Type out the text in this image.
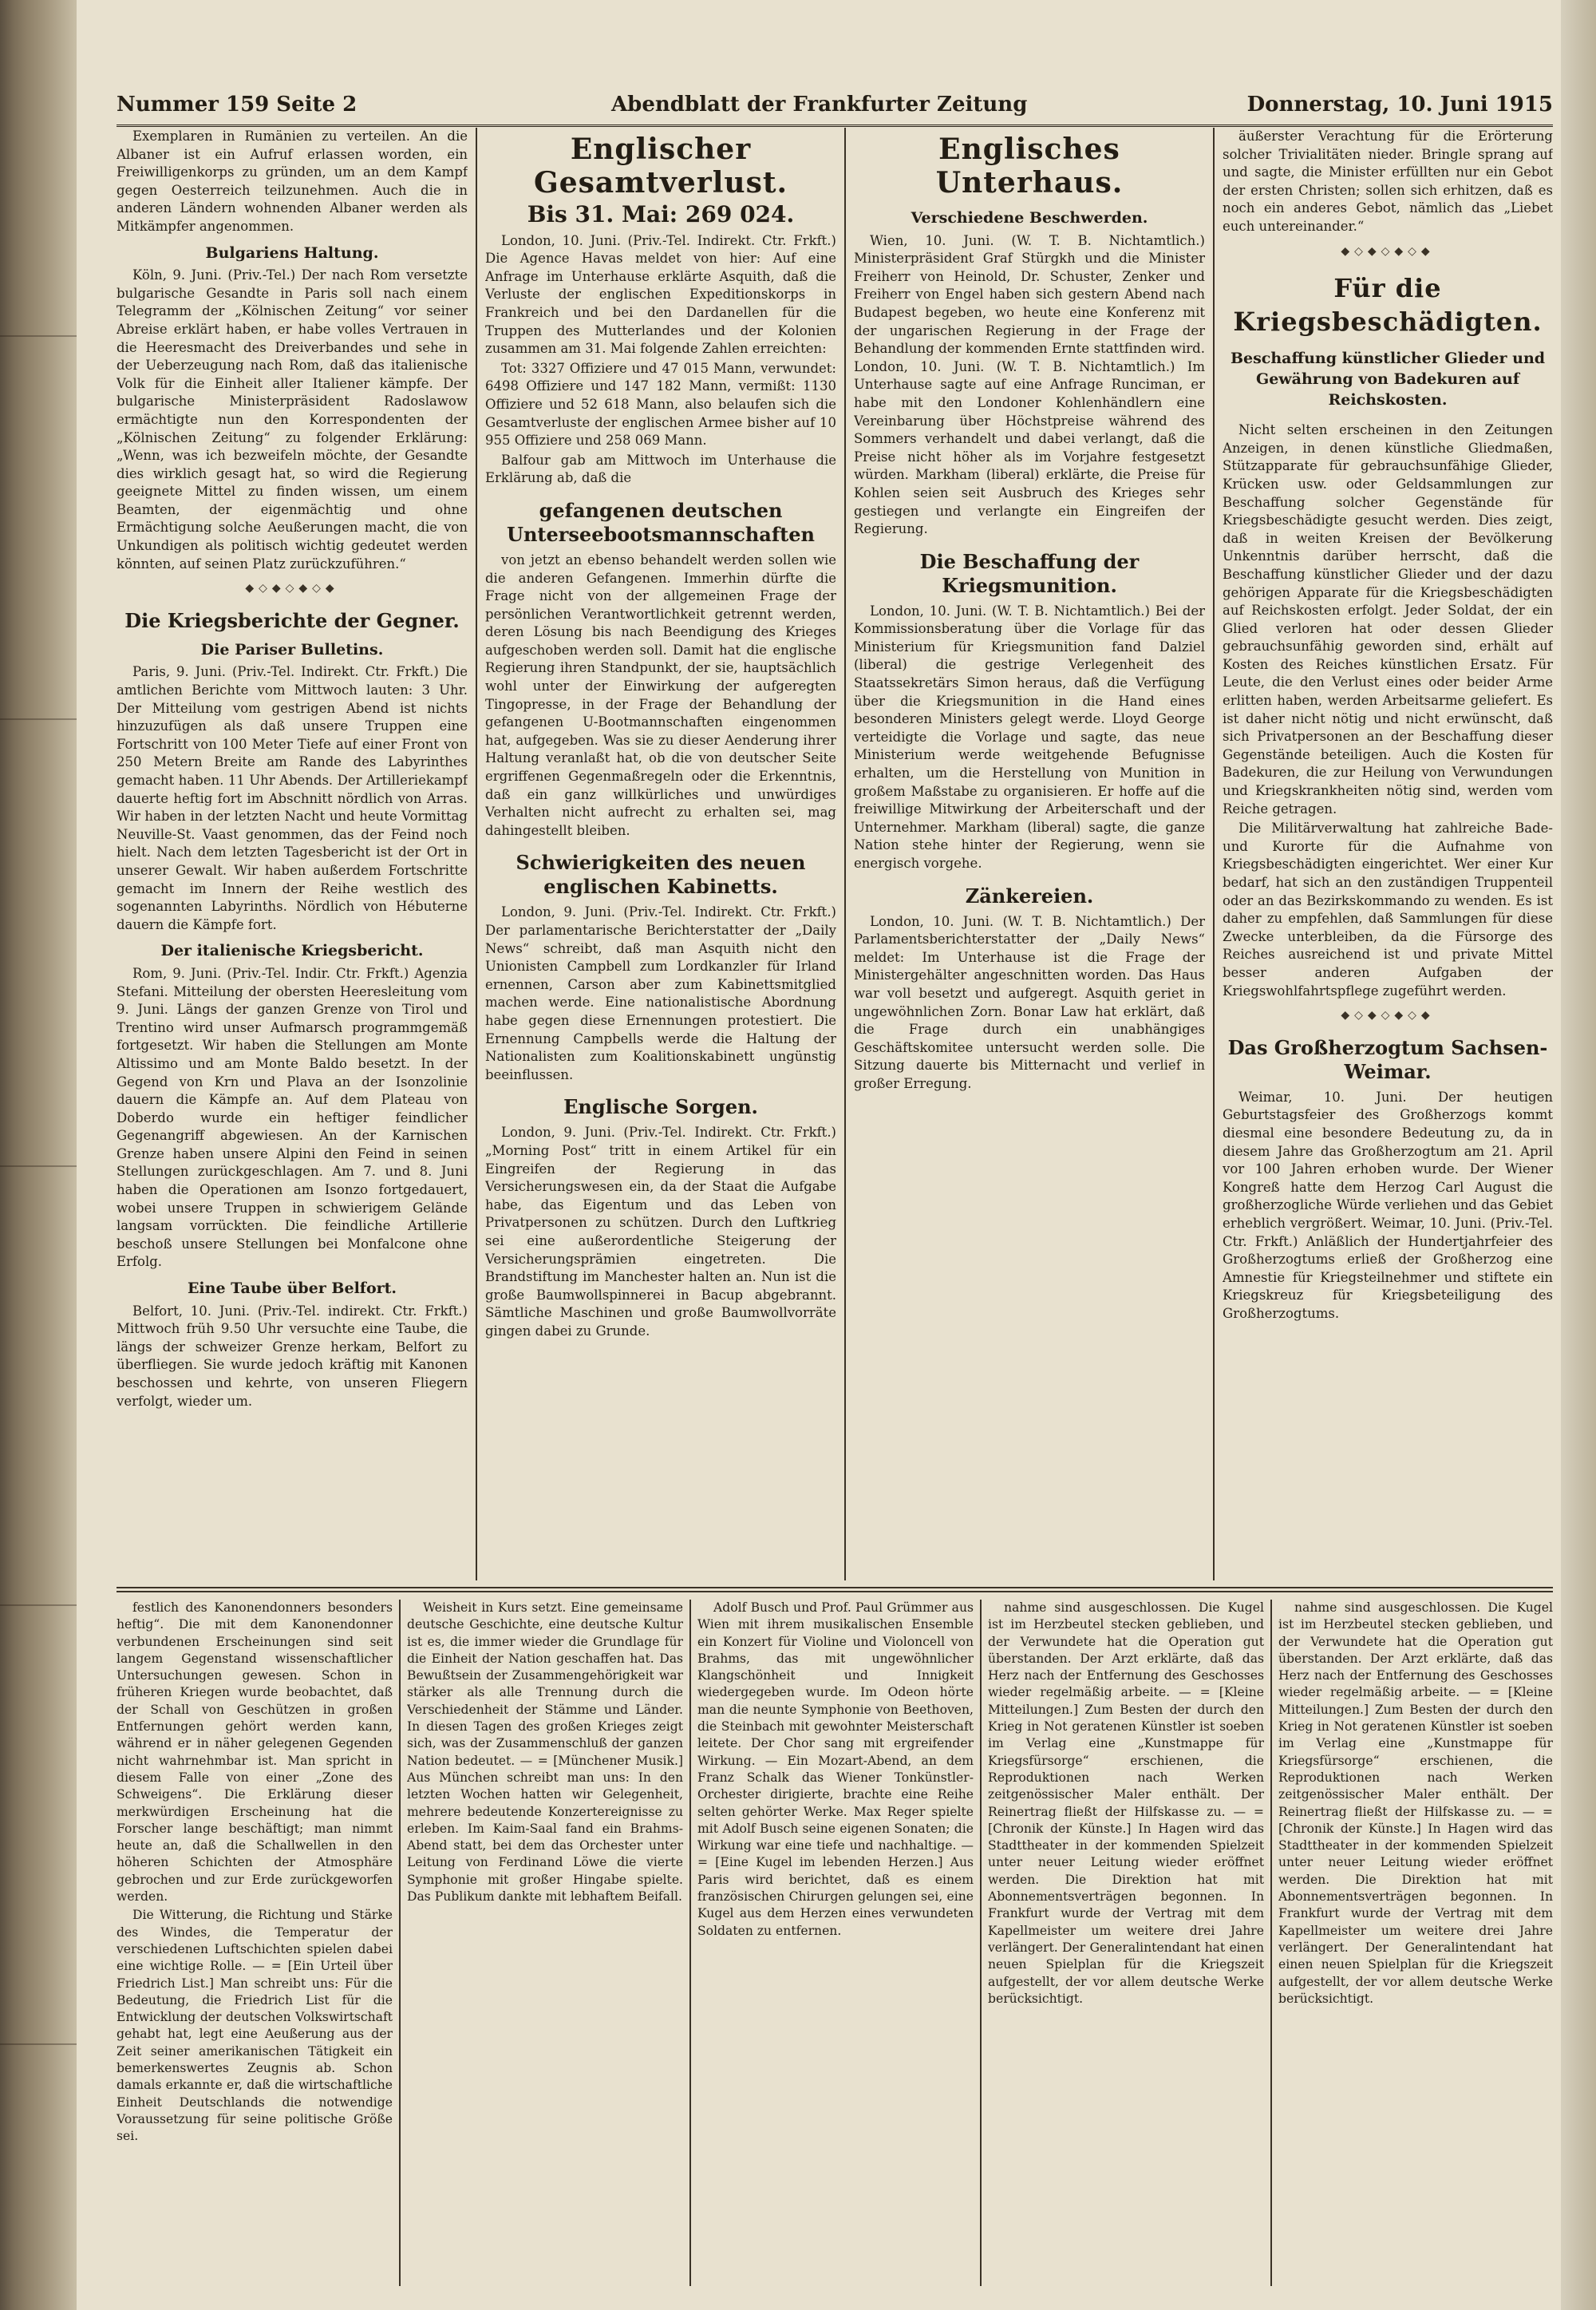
Nummer 159 Seite 2	Abendblatt der Frankfurter Zeitung	Donnerstag, 10. Juni 1915

Exemplaren in Rumänien zu verteilen. An die Albaner ist ein Aufruf erlassen worden, ein Freiwilligenkorps zu gründen, um an dem Kampf gegen Oesterreich teilzunehmen. Auch die in anderen Ländern wohnenden Albaner werden als Mitkämpfer angenommen.

Bulgariens Haltung.

Köln, 9. Juni. (Priv.-Tel.) Der nach Rom versetzte bulgarische Gesandte in Paris soll nach einem Telegramm der „Kölnischen Zeitung“ vor seiner Abreise erklärt haben, er habe volles Vertrauen in die Heeresmacht des Dreiverbandes und sehe in der Ueberzeugung nach Rom, daß das italienische Volk für die Einheit aller Italiener kämpfe. Der bulgarische Ministerpräsident Radoslawow ermächtigte nun den Korrespondenten der „Kölnischen Zeitung“ zu folgender Erklärung: „Wenn, was ich bezweifeln möchte, der Gesandte dies wirklich gesagt hat, so wird die Regierung geeignete Mittel zu finden wissen, um einem Beamten, der eigenmächtig und ohne Ermächtigung solche Aeußerungen macht, die von Unkundigen als politisch wichtig gedeutet werden könnten, auf seinen Platz zurückzuführen.“

◆◇◆◇◆◇◆
Die Kriegsberichte der Gegner.
Die Pariser Bulletins.

Paris, 9. Juni. (Priv.-Tel. Indirekt. Ctr. Frkft.) Die amtlichen Berichte vom Mittwoch lauten: 3 Uhr. Der Mitteilung vom gestrigen Abend ist nichts hinzuzufügen als daß unsere Truppen eine Fortschritt von 100 Meter Tiefe auf einer Front von 250 Metern Breite am Rande des Labyrinthes gemacht haben. 11 Uhr Abends. Der Artilleriekampf dauerte heftig fort im Abschnitt nördlich von Arras. Wir haben in der letzten Nacht und heute Vormittag Neuville-St. Vaast genommen, das der Feind noch hielt. Nach dem letzten Tagesbericht ist der Ort in unserer Gewalt. Wir haben außerdem Fortschritte gemacht im Innern der Reihe westlich des sogenannten Labyrinths. Nördlich von Hébuterne dauern die Kämpfe fort.

Der italienische Kriegsbericht.

Rom, 9. Juni. (Priv.-Tel. Indir. Ctr. Frkft.) Agenzia Stefani. Mitteilung der obersten Heeresleitung vom 9. Juni. Längs der ganzen Grenze von Tirol und Trentino wird unser Aufmarsch programmgemäß fortgesetzt. Wir haben die Stellungen am Monte Altissimo und am Monte Baldo besetzt. In der Gegend von Krn und Plava an der Isonzolinie dauern die Kämpfe an. Auf dem Plateau von Doberdo wurde ein heftiger feindlicher Gegenangriff abgewiesen. An der Karnischen Grenze haben unsere Alpini den Feind in seinen Stellungen zurückgeschlagen. Am 7. und 8. Juni haben die Operationen am Isonzo fortgedauert, wobei unsere Truppen in schwierigem Gelände langsam vorrückten. Die feindliche Artillerie beschoß unsere Stellungen bei Monfalcone ohne Erfolg.

Eine Taube über Belfort.

Belfort, 10. Juni. (Priv.-Tel. indirekt. Ctr. Frkft.) Mittwoch früh 9.50 Uhr versuchte eine Taube, die längs der schweizer Grenze herkam, Belfort zu überfliegen. Sie wurde jedoch kräftig mit Kanonen beschossen und kehrte, von unseren Fliegern verfolgt, wieder um.

Englischer Gesamtverlust.
Bis 31. Mai: 269 024.

London, 10. Juni. (Priv.-Tel. Indirekt. Ctr. Frkft.) Die Agence Havas meldet von hier: Auf eine Anfrage im Unterhause erklärte Asquith, daß die Verluste der englischen Expeditionskorps in Frankreich und bei den Dardanellen für die Truppen des Mutterlandes und der Kolonien zusammen am 31. Mai folgende Zahlen erreichten:

Tot: 3327 Offiziere und 47 015 Mann, verwundet: 6498 Offiziere und 147 182 Mann, vermißt: 1130 Offiziere und 52 618 Mann, also belaufen sich die Gesamtverluste der englischen Armee bisher auf 10 955 Offiziere und 258 069 Mann.

Balfour gab am Mittwoch im Unterhause die Erklärung ab, daß die

gefangenen deutschen Unterseebootsmannschaften

von jetzt an ebenso behandelt werden sollen wie die anderen Gefangenen. Immerhin dürfte die Frage nicht von der allgemeinen Frage der persönlichen Verantwortlichkeit getrennt werden, deren Lösung bis nach Beendigung des Krieges aufgeschoben werden soll. Damit hat die englische Regierung ihren Standpunkt, der sie, hauptsächlich wohl unter der Einwirkung der aufgeregten Tingopresse, in der Frage der Behandlung der gefangenen U-Bootmannschaften eingenommen hat, aufgegeben. Was sie zu dieser Aenderung ihrer Haltung veranlaßt hat, ob die von deutscher Seite ergriffenen Gegenmaßregeln oder die Erkenntnis, daß ein ganz willkürliches und unwürdiges Verhalten nicht aufrecht zu erhalten sei, mag dahingestellt bleiben.

Schwierigkeiten des neuen englischen Kabinetts.

London, 9. Juni. (Priv.-Tel. Indirekt. Ctr. Frkft.) Der parlamentarische Berichterstatter der „Daily News“ schreibt, daß man Asquith nicht den Unionisten Campbell zum Lordkanzler für Irland ernennen, Carson aber zum Kabinettsmitglied machen werde. Eine nationalistische Abordnung habe gegen diese Ernennungen protestiert. Die Ernennung Campbells werde die Haltung der Nationalisten zum Koalitionskabinett ungünstig beeinflussen.

Englische Sorgen.

London, 9. Juni. (Priv.-Tel. Indirekt. Ctr. Frkft.) „Morning Post“ tritt in einem Artikel für ein Eingreifen der Regierung in das Versicherungswesen ein, da der Staat die Aufgabe habe, das Eigentum und das Leben von Privatpersonen zu schützen. Durch den Luftkrieg sei eine außerordentliche Steigerung der Versicherungsprämien eingetreten. Die Brandstiftung im Manchester halten an. Nun ist die große Baumwollspinnerei in Bacup abgebrannt. Sämtliche Maschinen und große Baumwollvorräte gingen dabei zu Grunde.

Englisches Unterhaus.
Verschiedene Beschwerden.

Wien, 10. Juni. (W. T. B. Nichtamtlich.) Ministerpräsident Graf Stürgkh und die Minister Freiherr von Heinold, Dr. Schuster, Zenker und Freiherr von Engel haben sich gestern Abend nach Budapest begeben, wo heute eine Konferenz mit der ungarischen Regierung in der Frage der Behandlung der kommenden Ernte stattfinden wird. London, 10. Juni. (W. T. B. Nichtamtlich.) Im Unterhause sagte auf eine Anfrage Runciman, er habe mit den Londoner Kohlenhändlern eine Vereinbarung über Höchstpreise während des Sommers verhandelt und dabei verlangt, daß die Preise nicht höher als im Vorjahre festgesetzt würden. Markham (liberal) erklärte, die Preise für Kohlen seien seit Ausbruch des Krieges sehr gestiegen und verlangte ein Eingreifen der Regierung.

Die Beschaffung der Kriegsmunition.

London, 10. Juni. (W. T. B. Nichtamtlich.) Bei der Kommissionsberatung über die Vorlage für das Ministerium für Kriegsmunition fand Dalziel (liberal) die gestrige Verlegenheit des Staatssekretärs Simon heraus, daß die Verfügung über die Kriegsmunition in die Hand eines besonderen Ministers gelegt werde. Lloyd George verteidigte die Vorlage und sagte, das neue Ministerium werde weitgehende Befugnisse erhalten, um die Herstellung von Munition in großem Maßstabe zu organisieren. Er hoffe auf die freiwillige Mitwirkung der Arbeiterschaft und der Unternehmer. Markham (liberal) sagte, die ganze Nation stehe hinter der Regierung, wenn sie energisch vorgehe.

Zänkereien.

London, 10. Juni. (W. T. B. Nichtamtlich.) Der Parlamentsberichterstatter der „Daily News“ meldet: Im Unterhause ist die Frage der Ministergehälter angeschnitten worden. Das Haus war voll besetzt und aufgeregt. Asquith geriet in ungewöhnlichen Zorn. Bonar Law hat erklärt, daß die Frage durch ein unabhängiges Geschäftskomitee untersucht werden solle. Die Sitzung dauerte bis Mitternacht und verlief in großer Erregung.

äußerster Verachtung für die Erörterung solcher Trivialitäten nieder. Bringle sprang auf und sagte, die Minister erfüllten nur ein Gebot der ersten Christen; sollen sich erhitzen, daß es noch ein anderes Gebot, nämlich das „Liebet euch untereinander.“

◆◇◆◇◆◇◆
Für die Kriegsbeschädigten.
Beschaffung künstlicher Glieder und Gewährung von Badekuren auf Reichskosten.

Nicht selten erscheinen in den Zeitungen Anzeigen, in denen künstliche Gliedmaßen, Stützapparate für gebrauchsunfähige Glieder, Krücken usw. oder Geldsammlungen zur Beschaffung solcher Gegenstände für Kriegsbeschädigte gesucht werden. Dies zeigt, daß in weiten Kreisen der Bevölkerung Unkenntnis darüber herrscht, daß die Beschaffung künstlicher Glieder und der dazu gehörigen Apparate für die Kriegsbeschädigten auf Reichskosten erfolgt. Jeder Soldat, der ein Glied verloren hat oder dessen Glieder gebrauchsunfähig geworden sind, erhält auf Kosten des Reiches künstlichen Ersatz. Für Leute, die den Verlust eines oder beider Arme erlitten haben, werden Arbeitsarme geliefert. Es ist daher nicht nötig und nicht erwünscht, daß sich Privatpersonen an der Beschaffung dieser Gegenstände beteiligen. Auch die Kosten für Badekuren, die zur Heilung von Verwundungen und Kriegskrankheiten nötig sind, werden vom Reiche getragen.

Die Militärverwaltung hat zahlreiche Bade- und Kurorte für die Aufnahme von Kriegsbeschädigten eingerichtet. Wer einer Kur bedarf, hat sich an den zuständigen Truppenteil oder an das Bezirkskommando zu wenden. Es ist daher zu empfehlen, daß Sammlungen für diese Zwecke unterbleiben, da die Fürsorge des Reiches ausreichend ist und private Mittel besser anderen Aufgaben der Kriegswohlfahrtspflege zugeführt werden.

◆◇◆◇◆◇◆
Das Großherzogtum Sachsen-Weimar.

Weimar, 10. Juni. Der heutigen Geburtstagsfeier des Großherzogs kommt diesmal eine besondere Bedeutung zu, da in diesem Jahre das Großherzogtum am 21. April vor 100 Jahren erhoben wurde. Der Wiener Kongreß hatte dem Herzog Carl August die großherzogliche Würde verliehen und das Gebiet erheblich vergrößert. Weimar, 10. Juni. (Priv.-Tel. Ctr. Frkft.) Anläßlich der Hundertjahrfeier des Großherzogtums erließ der Großherzog eine Amnestie für Kriegsteilnehmer und stiftete ein Kriegskreuz für Kriegsbeteiligung des Großherzogtums.

festlich des Kanonendonners besonders heftig“. Die mit dem Kanonendonner verbundenen Erscheinungen sind seit langem Gegenstand wissenschaftlicher Untersuchungen gewesen. Schon in früheren Kriegen wurde beobachtet, daß der Schall von Geschützen in großen Entfernungen gehört werden kann, während er in näher gelegenen Gegenden nicht wahrnehmbar ist. Man spricht in diesem Falle von einer „Zone des Schweigens“. Die Erklärung dieser merkwürdigen Erscheinung hat die Forscher lange beschäftigt; man nimmt heute an, daß die Schallwellen in den höheren Schichten der Atmosphäre gebrochen und zur Erde zurückgeworfen werden.

Die Witterung, die Richtung und Stärke des Windes, die Temperatur der verschiedenen Luftschichten spielen dabei eine wichtige Rolle. — = [Ein Urteil über Friedrich List.] Man schreibt uns: Für die Bedeutung, die Friedrich List für die Entwicklung der deutschen Volkswirtschaft gehabt hat, legt eine Aeußerung aus der Zeit seiner amerikanischen Tätigkeit ein bemerkenswertes Zeugnis ab. Schon damals erkannte er, daß die wirtschaftliche Einheit Deutschlands die notwendige Voraussetzung für seine politische Größe sei.

Weisheit in Kurs setzt. Eine gemeinsame deutsche Geschichte, eine deutsche Kultur ist es, die immer wieder die Grundlage für die Einheit der Nation geschaffen hat. Das Bewußtsein der Zusammengehörigkeit war stärker als alle Trennung durch die Verschiedenheit der Stämme und Länder. In diesen Tagen des großen Krieges zeigt sich, was der Zusammenschluß der ganzen Nation bedeutet. — = [Münchener Musik.] Aus München schreibt man uns: In den letzten Wochen hatten wir Gelegenheit, mehrere bedeutende Konzertereignisse zu erleben. Im Kaim-Saal fand ein Brahms-Abend statt, bei dem das Orchester unter Leitung von Ferdinand Löwe die vierte Symphonie mit großer Hingabe spielte. Das Publikum dankte mit lebhaftem Beifall.

Adolf Busch und Prof. Paul Grümmer aus Wien mit ihrem musikalischen Ensemble ein Konzert für Violine und Violoncell von Brahms, das mit ungewöhnlicher Klangschönheit und Innigkeit wiedergegeben wurde. Im Odeon hörte man die neunte Symphonie von Beethoven, die Steinbach mit gewohnter Meisterschaft leitete. Der Chor sang mit ergreifender Wirkung. — Ein Mozart-Abend, an dem Franz Schalk das Wiener Tonkünstler-Orchester dirigierte, brachte eine Reihe selten gehörter Werke. Max Reger spielte mit Adolf Busch seine eigenen Sonaten; die Wirkung war eine tiefe und nachhaltige. — = [Eine Kugel im lebenden Herzen.] Aus Paris wird berichtet, daß es einem französischen Chirurgen gelungen sei, eine Kugel aus dem Herzen eines verwundeten Soldaten zu entfernen.

nahme sind ausgeschlossen. Die Kugel ist im Herzbeutel stecken geblieben, und der Verwundete hat die Operation gut überstanden. Der Arzt erklärte, daß das Herz nach der Entfernung des Geschosses wieder regelmäßig arbeite. — = [Kleine Mitteilungen.] Zum Besten der durch den Krieg in Not geratenen Künstler ist soeben im Verlag eine „Kunstmappe für Kriegsfürsorge“ erschienen, die Reproduktionen nach Werken zeitgenössischer Maler enthält. Der Reinertrag fließt der Hilfskasse zu. — = [Chronik der Künste.] In Hagen wird das Stadttheater in der kommenden Spielzeit unter neuer Leitung wieder eröffnet werden. Die Direktion hat mit Abonnementsverträgen begonnen. In Frankfurt wurde der Vertrag mit dem Kapellmeister um weitere drei Jahre verlängert. Der Generalintendant hat einen neuen Spielplan für die Kriegszeit aufgestellt, der vor allem deutsche Werke berücksichtigt.

nahme sind ausgeschlossen. Die Kugel ist im Herzbeutel stecken geblieben, und der Verwundete hat die Operation gut überstanden. Der Arzt erklärte, daß das Herz nach der Entfernung des Geschosses wieder regelmäßig arbeite. — = [Kleine Mitteilungen.] Zum Besten der durch den Krieg in Not geratenen Künstler ist soeben im Verlag eine „Kunstmappe für Kriegsfürsorge“ erschienen, die Reproduktionen nach Werken zeitgenössischer Maler enthält. Der Reinertrag fließt der Hilfskasse zu. — = [Chronik der Künste.] In Hagen wird das Stadttheater in der kommenden Spielzeit unter neuer Leitung wieder eröffnet werden. Die Direktion hat mit Abonnementsverträgen begonnen. In Frankfurt wurde der Vertrag mit dem Kapellmeister um weitere drei Jahre verlängert. Der Generalintendant hat einen neuen Spielplan für die Kriegszeit aufgestellt, der vor allem deutsche Werke berücksichtigt.
